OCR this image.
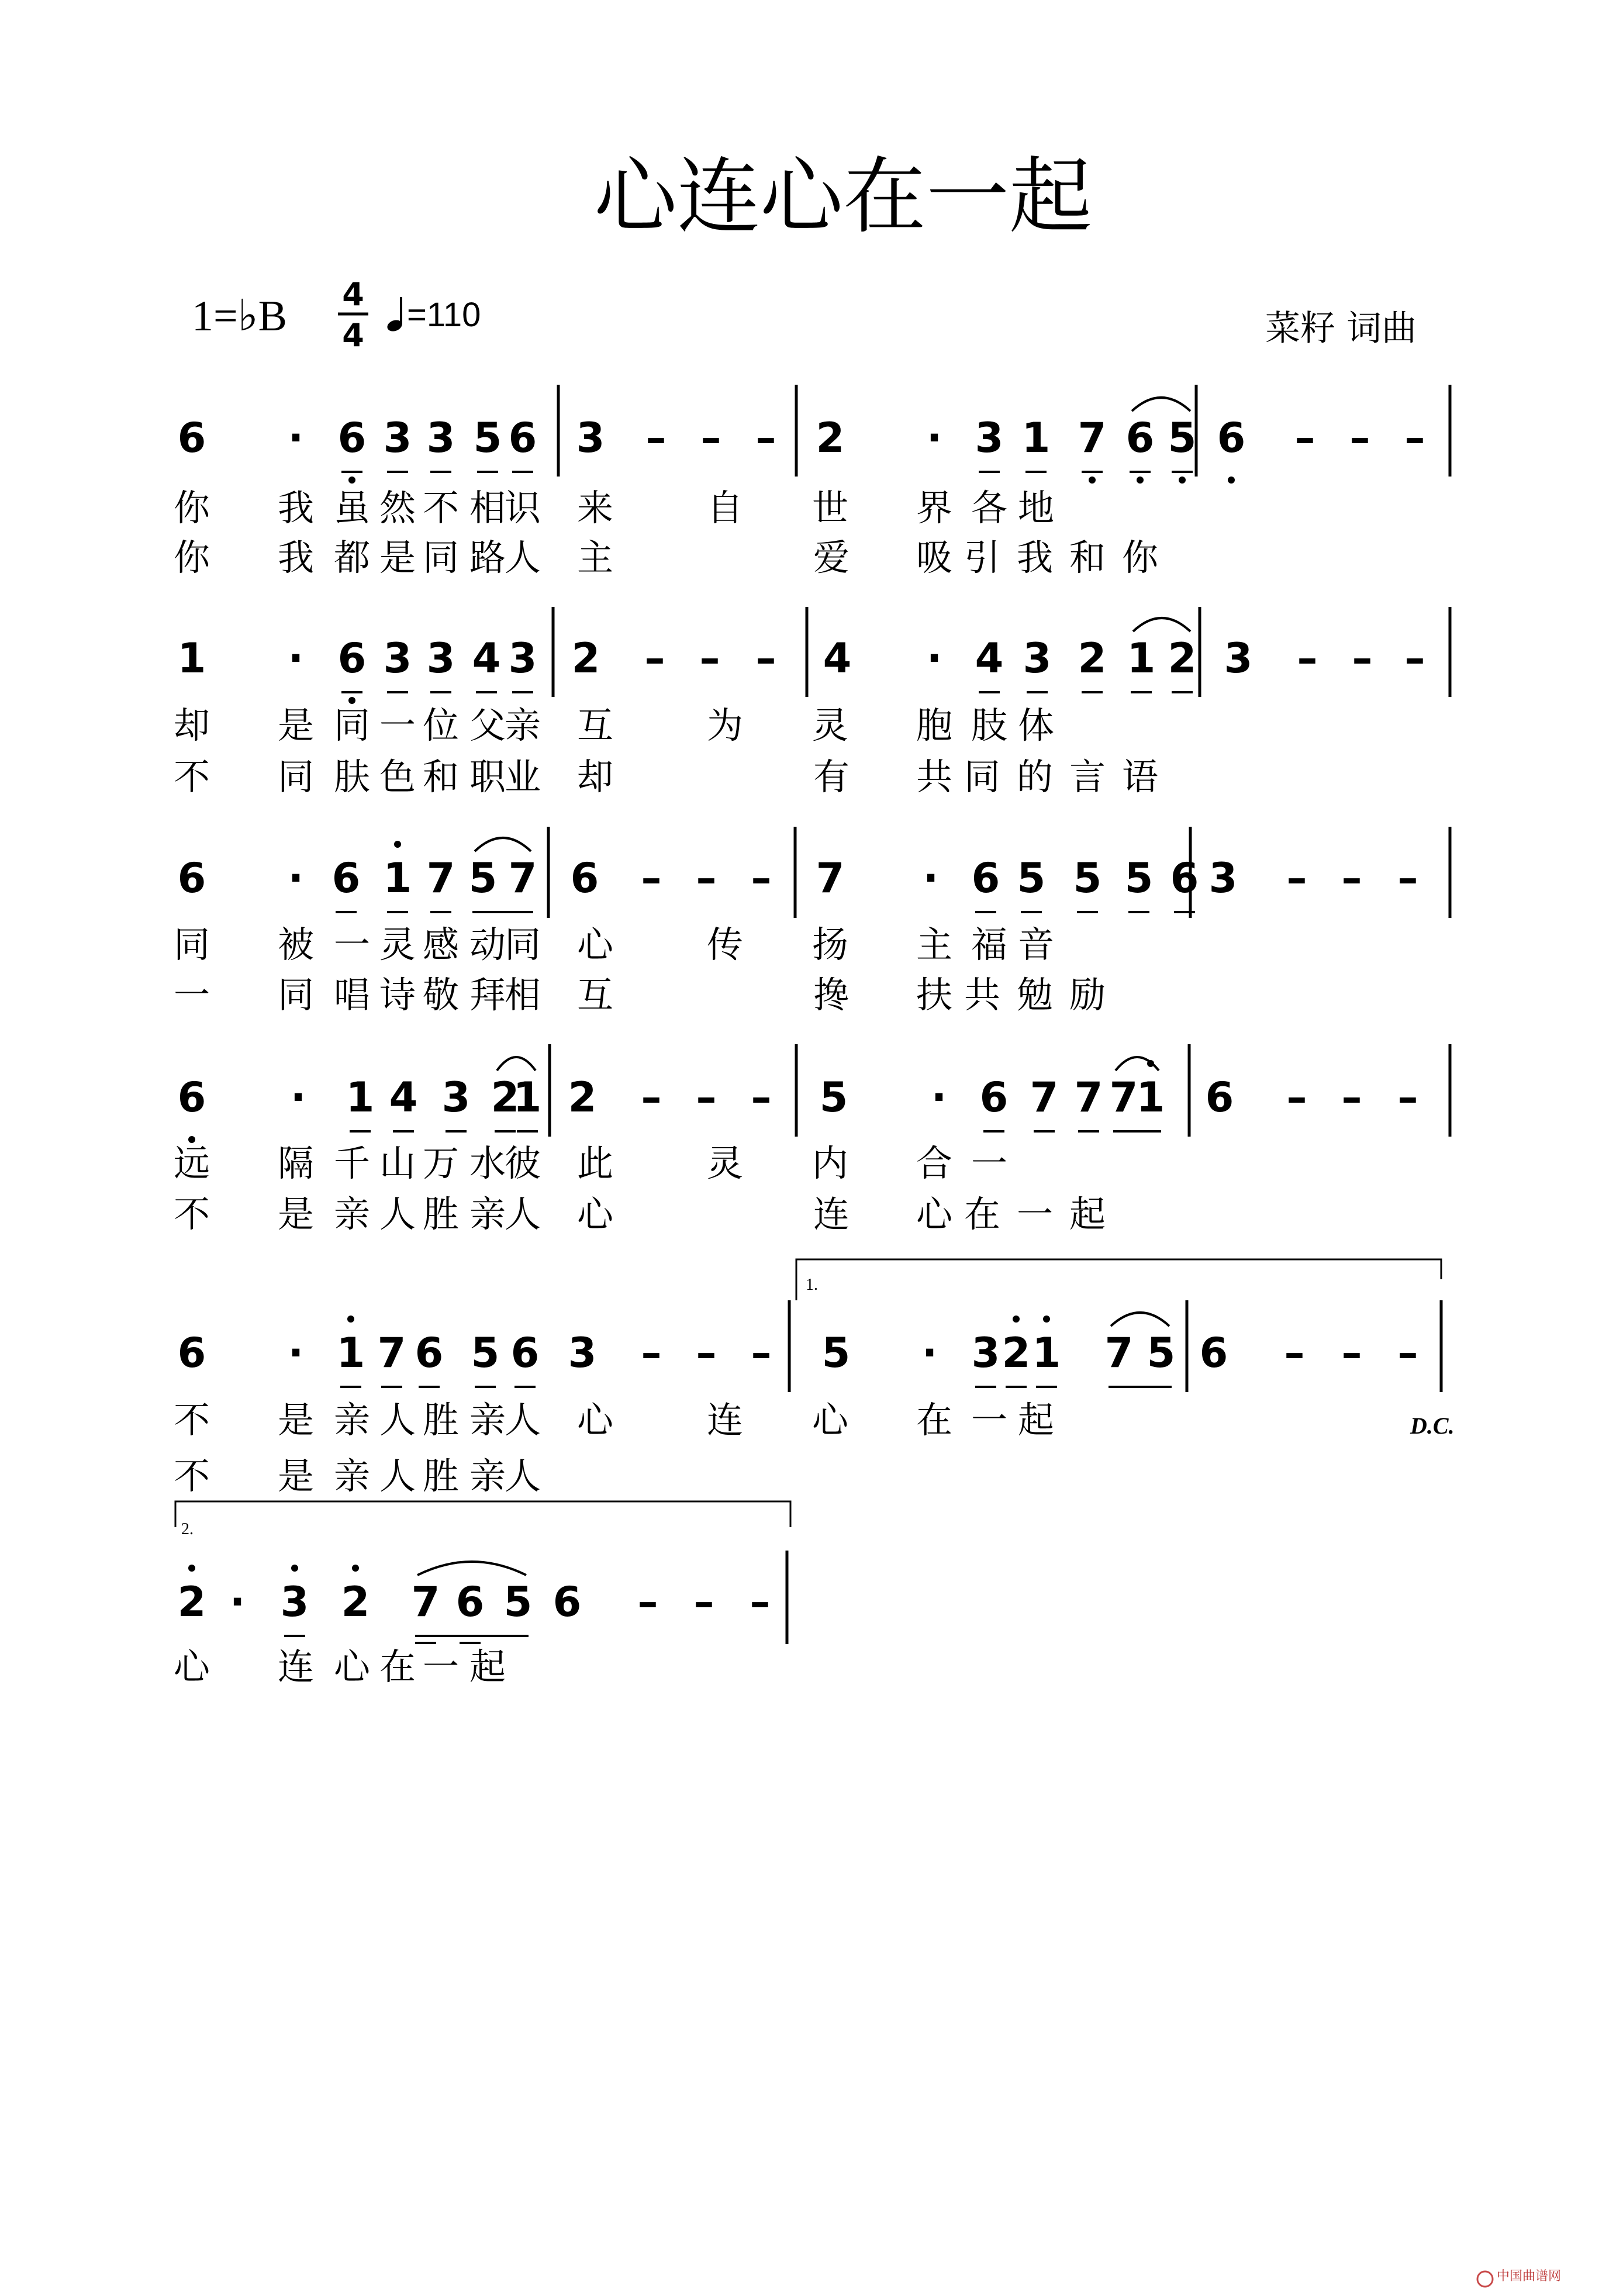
心连心在一起
1=♭B 4
4
=110	菜籽 词曲
1.
2.
D.C.
中国曲谱网
6 · 6 3 3 5 6 3 – – – 2 · 3 1 7 6 5 6 – – –
你 我 虽 然 不 相
识 来	自 世 界 各 地
你 我 都 是 同 路
人 主	爱 吸 引 我 和 你
1 · 6 3 3 4 3 2 – – – 4 · 4 3 2 1 2 3 – – –
却 是 同 一 位 父
亲 互	为 灵 胞 肢 体
不 同 肤 色 和 职
业 却	有 共 同 的 言 语
6 · 6 1 7 5 7 6 – – – 7 · 6 5 5 5 6 3 – – –
同 被 一 灵 感 动
同 心	传 扬 主 福 音
一 同 唱 诗 敬 拜
相 互	搀 扶 共 勉 励
6 · 1 4 3 2
1 2 – – – 5 · 6 7 7 7
1 6 – – –
远 隔 千 山 万 水
彼 此	灵 内 合 一
不 是 亲 人 胜 亲
人 心	连 心 在 一 起
6 · 1 7 6 5 6 3 – – – 5 · 3 2 1 7 5 6 – – –
不 是 亲 人 胜 亲
人 心	连 心 在 一 起
不 是 亲 人 胜 亲
人
2 · 3 2 7 6 5 6 – – –
心 连 心 在 一 起
